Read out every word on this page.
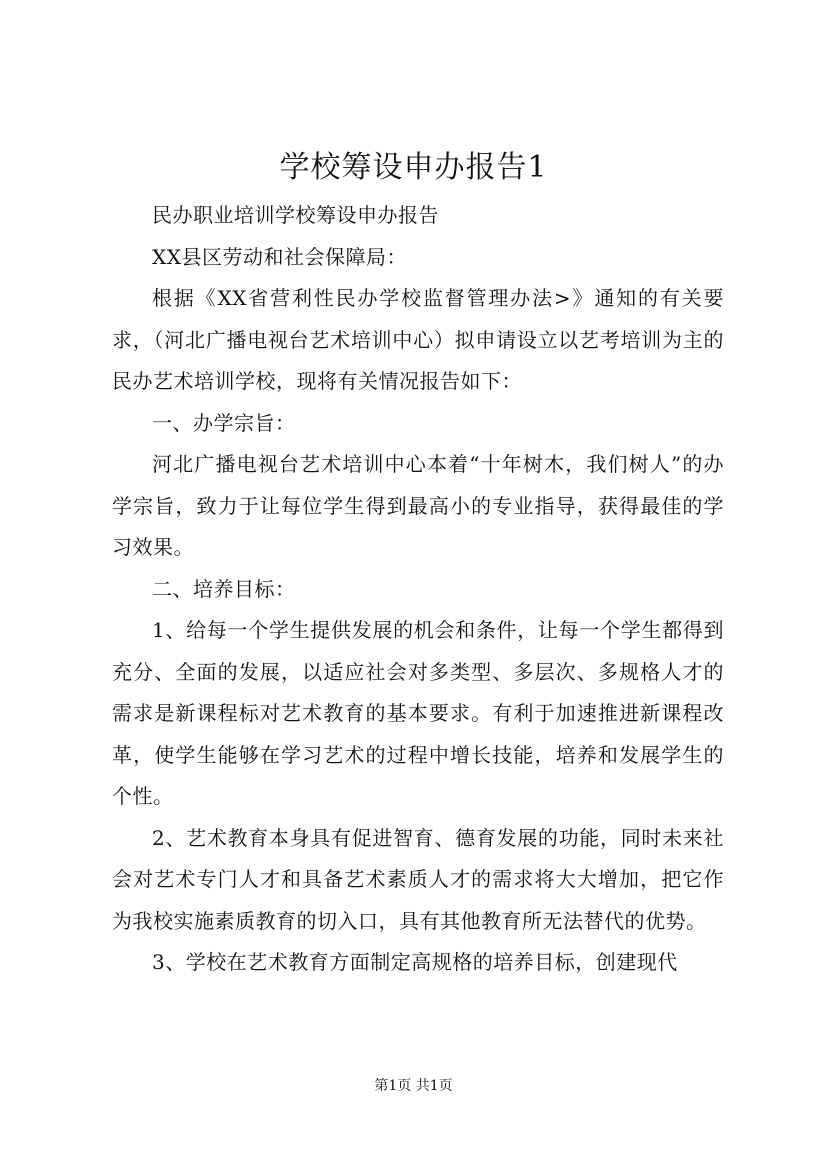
学校筹设申办报告1

民办职业培训学校筹设申办报告

XX县区劳动和社会保障局：

根据《XX省营利性民办学校监督管理办法>》通知的有关要求，（河北广播电视台艺术培训中心）拟申请设立以艺考培训为主的民办艺术培训学校，现将有关情况报告如下：

一、办学宗旨：

河北广播电视台艺术培训中心本着“十年树木，我们树人”的办学宗旨，致力于让每位学生得到最高小的专业指导，获得最佳的学习效果。

二、培养目标：

1、给每一个学生提供发展的机会和条件，让每一个学生都得到充分、全面的发展，以适应社会对多类型、多层次、多规格人才的需求是新课程标对艺术教育的基本要求。有利于加速推进新课程改革，使学生能够在学习艺术的过程中增长技能，培养和发展学生的个性。

2、艺术教育本身具有促进智育、德育发展的功能，同时未来社会对艺术专门人才和具备艺术素质人才的需求将大大增加，把它作为我校实施素质教育的切入口，具有其他教育所无法替代的优势。

3、学校在艺术教育方面制定高规格的培养目标，创建现代

第1页 共1页
